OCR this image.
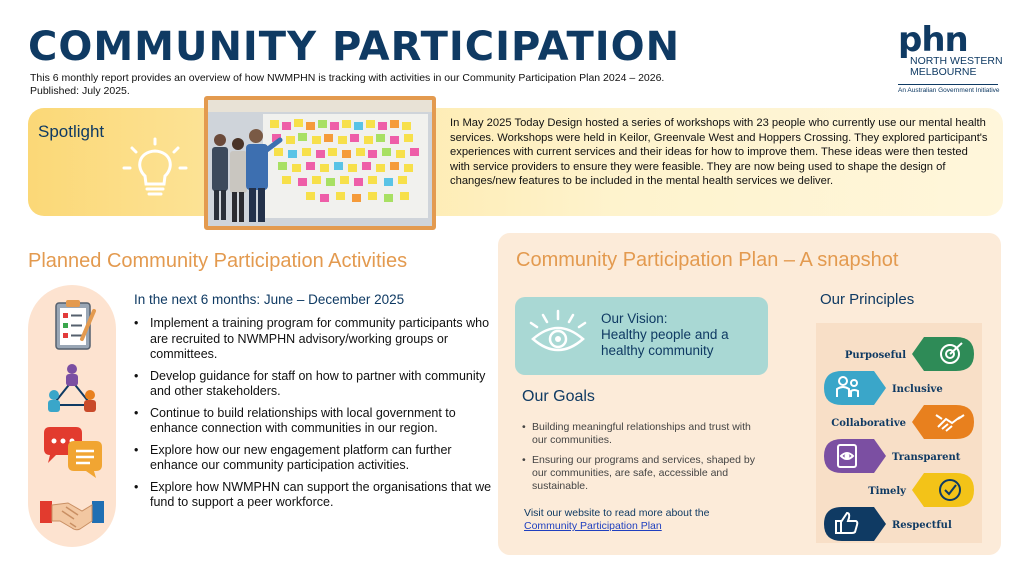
COMMUNITY PARTICIPATION
This 6 monthly report provides an overview of how NWMPHN is tracking with activities in our Community Participation Plan 2024 – 2026.
Published: July 2025.
phn
NORTH WESTERN
MELBOURNE
An Australian Government Initiative
Spotlight	In May 2025 Today Design hosted a series of workshops with 23 people who currently use our mental health services. Workshops were held in Keilor, Greenvale West and Hoppers Crossing. They explored participant's experiences with current services and their ideas for how to improve them. These ideas were then tested with service providers to ensure they were feasible. They are now being used to shape the design of changes/new features to be included in the mental health services we deliver.
Planned Community Participation Activities
In the next 6 months: June – December 2025
• Implement a training program for community participants who are recruited to NWMPHN advisory/working groups or committees.
• Develop guidance for staff on how to partner with community and other stakeholders.
• Continue to build relationships with local government to enhance connection with communities in our region.
• Explore how our new engagement platform can further enhance our community participation activities.
• Explore how NWMPHN can support the organisations that we fund to support a peer workforce.
Community Participation Plan – A snapshot
Our Vision:
Healthy people and a healthy community
Our Goals
• Building meaningful relationships and trust with our communities.
• Ensuring our programs and services, shaped by our communities, are safe, accessible and sustainable.
Visit our website to read more about the
Community Participation Plan
Our Principles
Purposeful
Inclusive
Collaborative
Transparent
Timely
Respectful
